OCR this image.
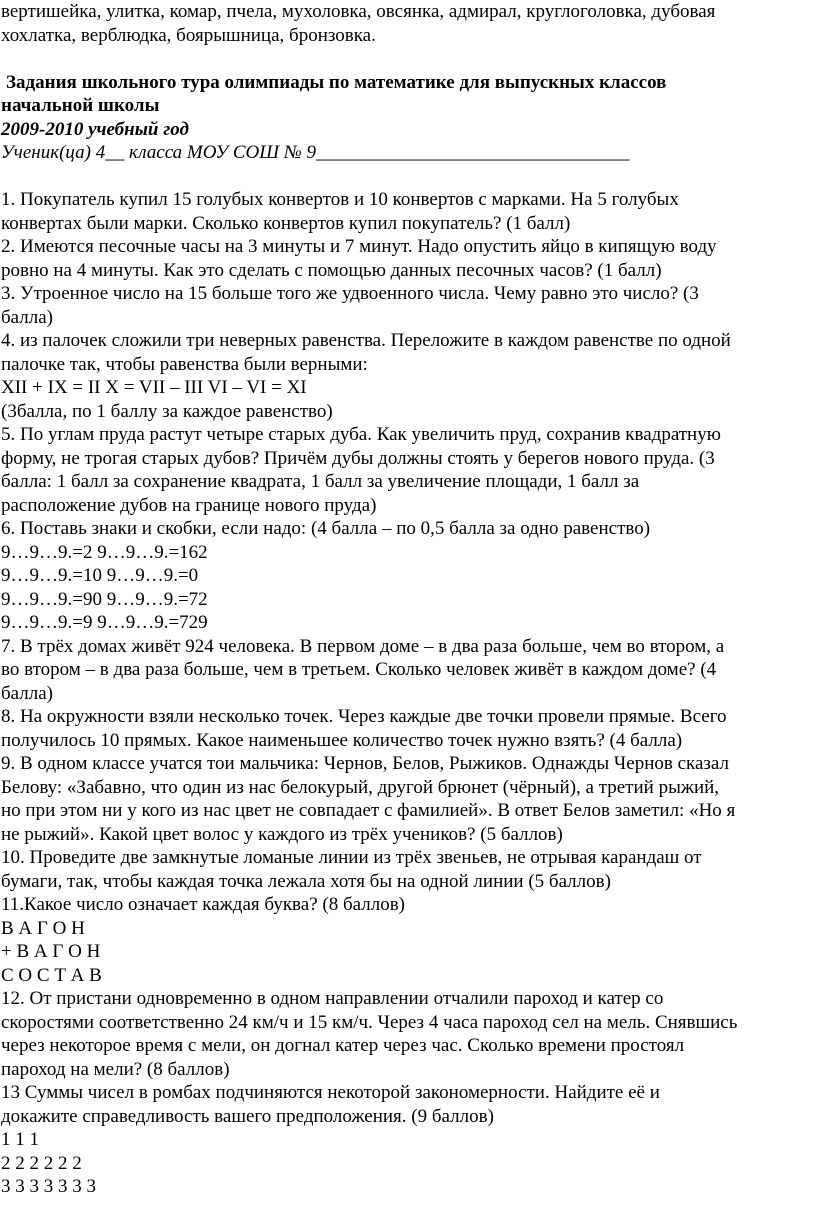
вертишейка, улитка, комар, пчела, мухоловка, овсянка, адмирал, круглоголовка, дубовая
хохлатка, верблюдка, боярышница, бронзовка.
Задания школьного тура олимпиады по математике для выпускных классов
начальной школы
2009-2010 учебный год
Ученик(ца) 4__ класса МОУ СОШ № 9_________________________________
1. Покупатель купил 15 голубых конвертов и 10 конвертов с марками. На 5 голубых
конвертах были марки. Сколько конвертов купил покупатель? (1 балл)
2. Имеются песочные часы на 3 минуты и 7 минут. Надо опустить яйцо в кипящую воду
ровно на 4 минуты. Как это сделать с помощью данных песочных часов? (1 балл)
3. Утроенное число на 15 больше того же удвоенного числа. Чему равно это число? (3
балла)
4. из палочек сложили три неверных равенства. Переложите в каждом равенстве по одной
палочке так, чтобы равенства были верными:
XII + IX = II X = VII – III VI – VI = XI
(3балла, по 1 баллу за каждое равенство)
5. По углам пруда растут четыре старых дуба. Как увеличить пруд, сохранив квадратную
форму, не трогая старых дубов? Причём дубы должны стоять у берегов нового пруда. (3
балла: 1 балл за сохранение квадрата, 1 балл за увеличение площади, 1 балл за
расположение дубов на границе нового пруда)
6. Поставь знаки и скобки, если надо: (4 балла – по 0,5 балла за одно равенство)
9…9…9.=2 9…9…9.=162
9…9…9.=10 9…9…9.=0
9…9…9.=90 9…9…9.=72
9…9…9.=9 9…9…9.=729
7. В трёх домах живёт 924 человека. В первом доме – в два раза больше, чем во втором, а
во втором – в два раза больше, чем в третьем. Сколько человек живёт в каждом доме? (4
балла)
8. На окружности взяли несколько точек. Через каждые две точки провели прямые. Всего
получилось 10 прямых. Какое наименьшее количество точек нужно взять? (4 балла)
9. В одном классе учатся тои мальчика: Чернов, Белов, Рыжиков. Однажды Чернов сказал
Белову: «Забавно, что один из нас белокурый, другой брюнет (чёрный), а третий рыжий,
но при этом ни у кого из нас цвет не совпадает с фамилией». В ответ Белов заметил: «Но я
не рыжий». Какой цвет волос у каждого из трёх учеников? (5 баллов)
10. Проведите две замкнутые ломаные линии из трёх звеньев, не отрывая карандаш от
бумаги, так, чтобы каждая точка лежала хотя бы на одной линии (5 баллов)
11.Какое число означает каждая буква? (8 баллов)
В А Г О Н
+ В А Г О Н
С О С Т А В
12. От пристани одновременно в одном направлении отчалили пароход и катер со
скоростями соответственно 24 км/ч и 15 км/ч. Через 4 часа пароход сел на мель. Снявшись
через некоторое время с мели, он догнал катер через час. Сколько времени простоял
пароход на мели? (8 баллов)
13 Суммы чисел в ромбах подчиняются некоторой закономерности. Найдите её и
докажите справедливость вашего предположения. (9 баллов)
1 1 1
2 2 2 2 2 2
3 3 3 3 3 3 3
